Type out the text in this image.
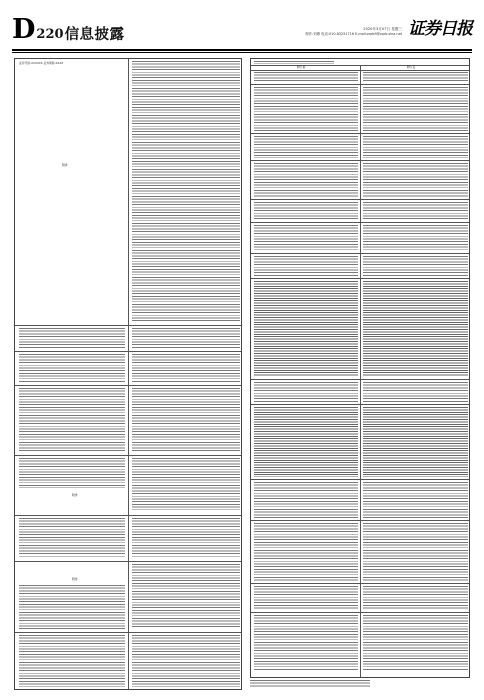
D 220 信息披露	2020年3月07日 星期三
制作:刘珊 电话:010-83251716 E-mail:zqrb9@zqrb.sina.net 证券日报
证券代码:XXXXXX 证券简称:XXXX
附件
附件
附件
修订前	修订后
